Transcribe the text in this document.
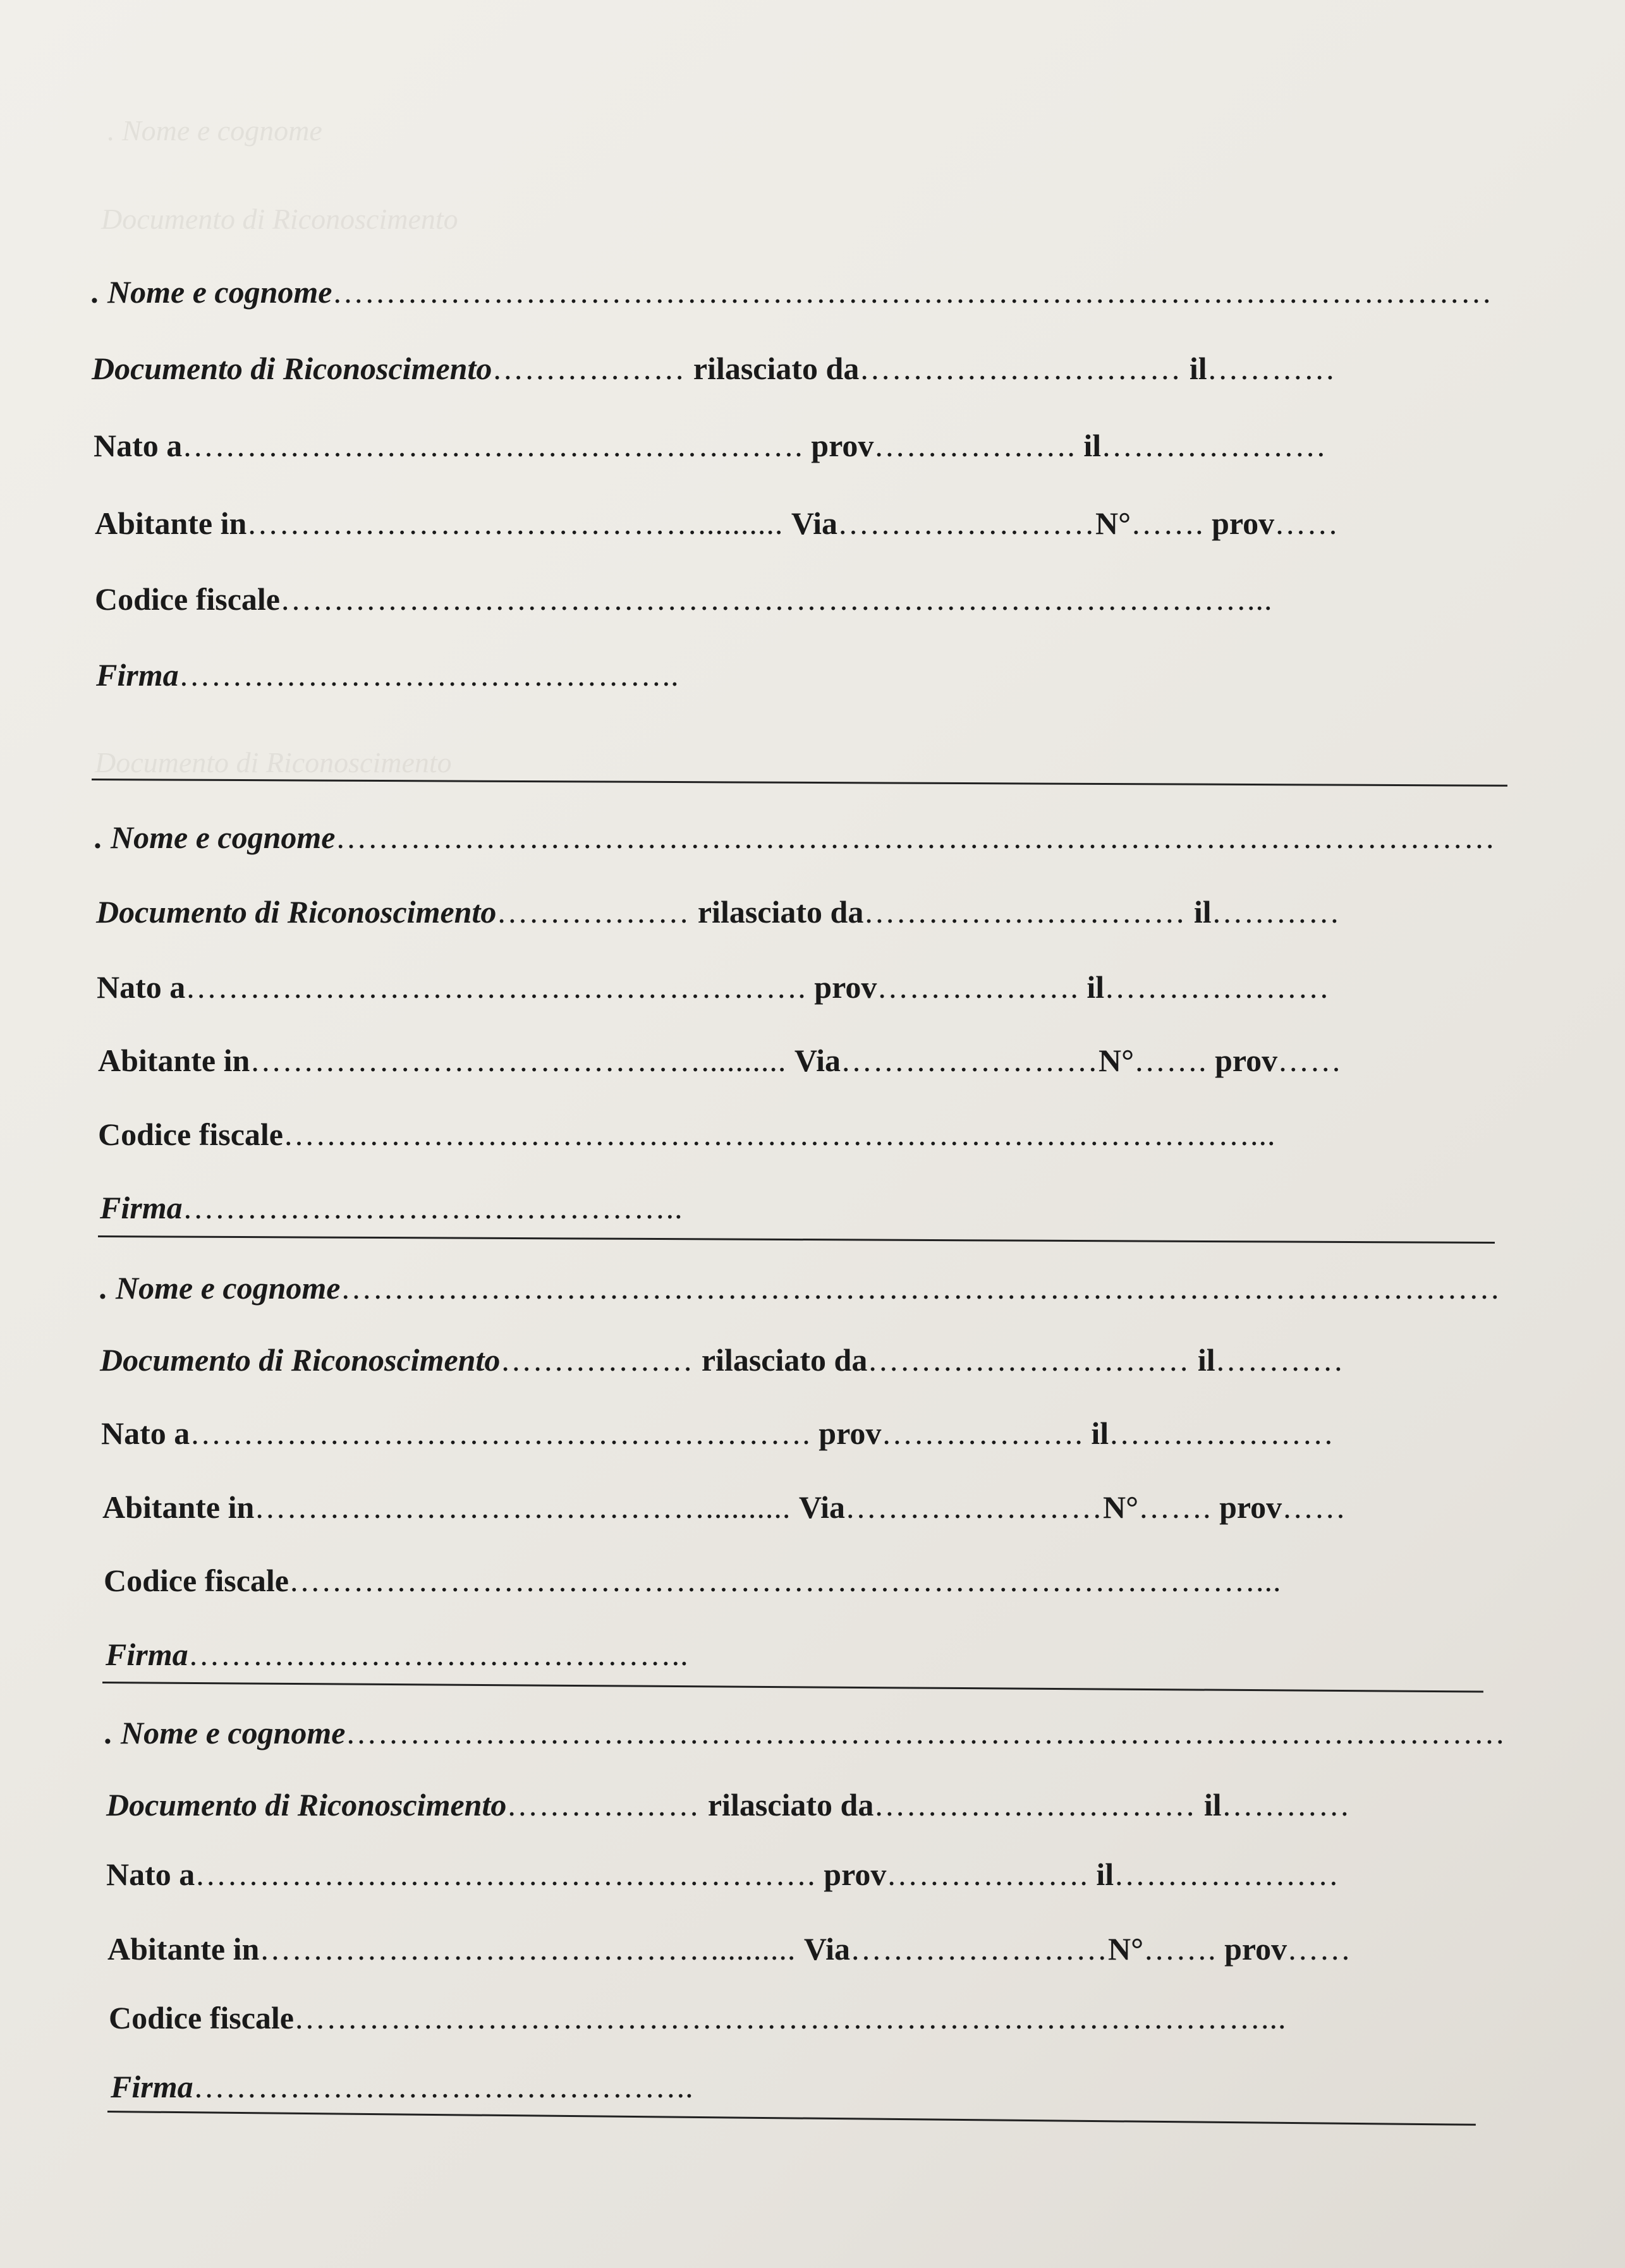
. Nome e cognome
Documento di Riconoscimento
Documento di Riconoscimento
. Nome e cognome………………………………………………………………………………………………
Documento di Riconoscimento……………… rilasciato da………………………… il…………
Nato a…………………………………………………. prov………………. il…………………
Abitante in…………………………………….......... Via……………………N°……. prov……
Codice fiscale………………………………………………………………………………...
Firma………………………………………..
. Nome e cognome………………………………………………………………………………………………
Documento di Riconoscimento……………… rilasciato da………………………… il…………
Nato a…………………………………………………. prov………………. il…………………
Abitante in…………………………………….......... Via……………………N°……. prov……
Codice fiscale………………………………………………………………………………...
Firma………………………………………..
. Nome e cognome………………………………………………………………………………………………
Documento di Riconoscimento……………… rilasciato da………………………… il…………
Nato a…………………………………………………. prov………………. il…………………
Abitante in…………………………………….......... Via……………………N°……. prov……
Codice fiscale………………………………………………………………………………...
Firma………………………………………..
. Nome e cognome………………………………………………………………………………………………
Documento di Riconoscimento……………… rilasciato da………………………… il…………
Nato a…………………………………………………. prov………………. il…………………
Abitante in…………………………………….......... Via……………………N°……. prov……
Codice fiscale………………………………………………………………………………...
Firma………………………………………..
